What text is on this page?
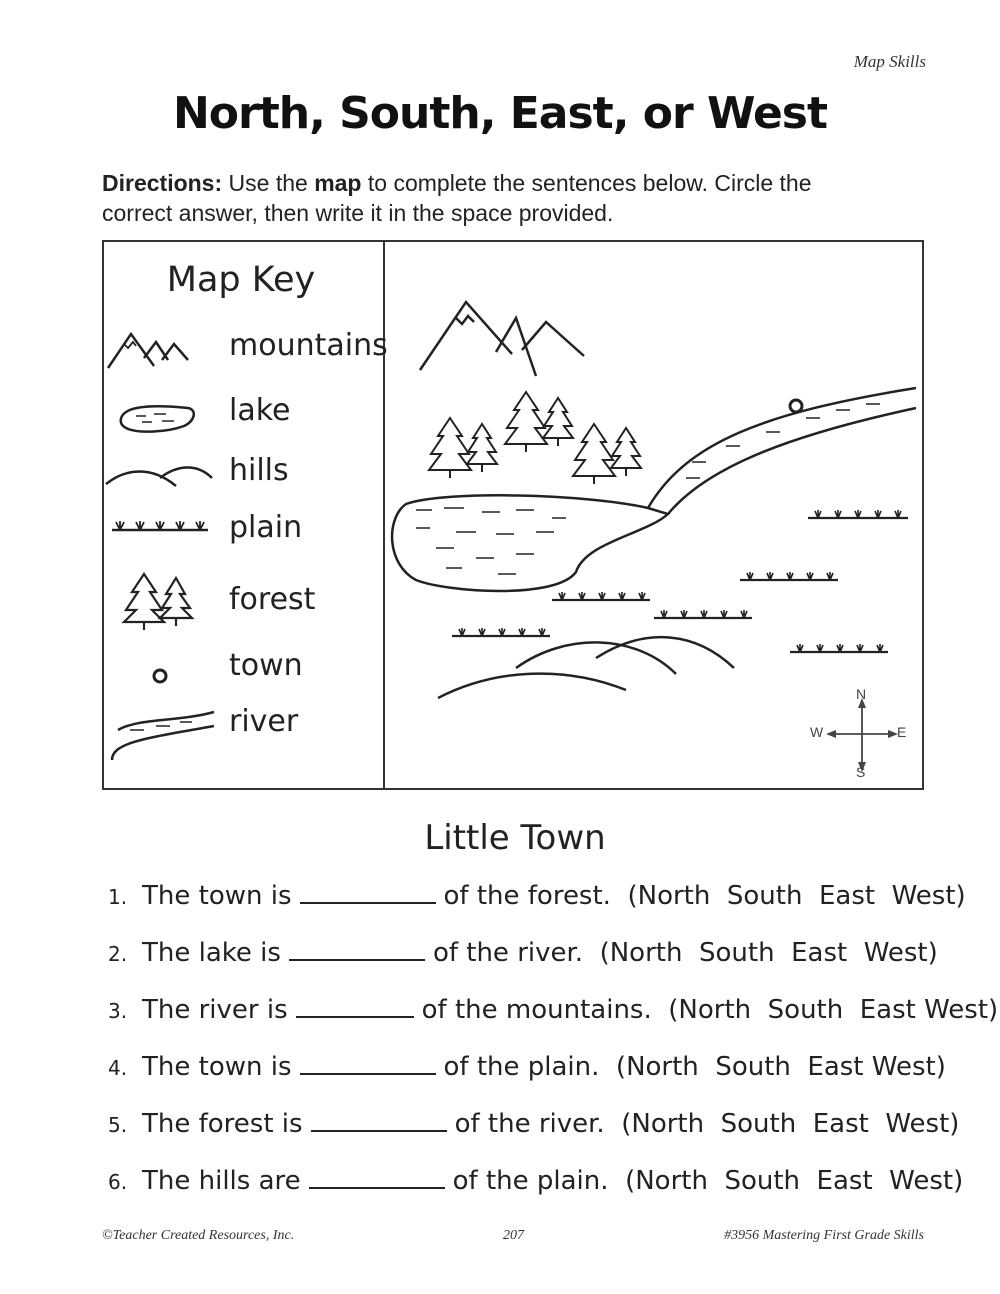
Map Skills
North, South, East, or West
Directions: Use the map to complete the sentences below. Circle the
correct answer, then write it in the space provided.
Map Key
mountains
lake
hills
plain
forest
town
river
N
S
E
W
Little Town
1. The town is	of the forest. (North  South  East  West)
2. The lake is	of the river. (North  South  East  West)
3. The river is	of the mountains. (North  South  East West)
4. The town is	of the plain. (North  South  East West)
5. The forest is	of the river. (North  South  East  West)
6. The hills are	of the plain. (North  South  East  West)
©Teacher Created Resources, Inc.	207	#3956 Mastering First Grade Skills
